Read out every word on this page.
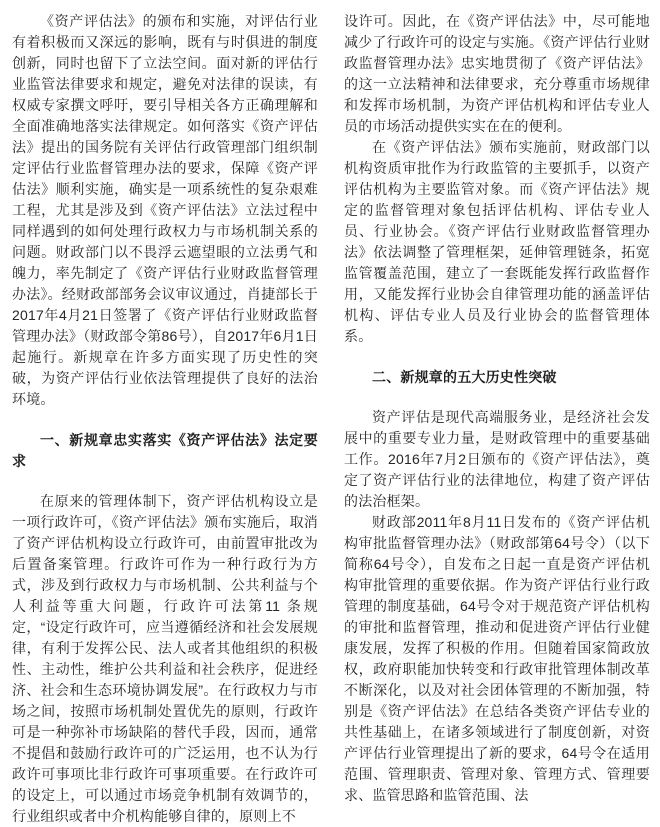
《资产评估法》的颁布和实施，对评估行业有着积极而又深远的影响，既有与时俱进的制度创新，同时也留下了立法空间。面对新的评估行业监管法律要求和规定，避免对法律的误读，有权威专家撰文呼吁，要引导相关各方正确理解和全面准确地落实法律规定。如何落实《资产评估法》提出的国务院有关评估行政管理部门组织制定评估行业监督管理办法的要求，保障《资产评估法》顺利实施，确实是一项系统性的复杂艰难工程，尤其是涉及到《资产评估法》立法过程中同样遇到的如何处理行政权力与市场机制关系的问题。财政部门以不畏浮云遮望眼的立法勇气和魄力，率先制定了《资产评估行业财政监督管理办法》。经财政部部务会议审议通过，肖捷部长于2017年4月21日签署了《资产评估行业财政监督管理办法》（财政部令第86号），自2017年6月1日起施行。新规章在许多方面实现了历史性的突破，为资产评估行业依法管理提供了良好的法治环境。

一、新规章忠实落实《资产评估法》法定要求

在原来的管理体制下，资产评估机构设立是一项行政许可，《资产评估法》颁布实施后，取消了资产评估机构设立行政许可，由前置审批改为后置备案管理。行政许可作为一种行政行为方式，涉及到行政权力与市场机制、公共利益与个人利益等重大问题，行政许可法第11 条规定，“设定行政许可，应当遵循经济和社会发展规律，有利于发挥公民、法人或者其他组织的积极性、主动性，维护公共利益和社会秩序，促进经济、社会和生态环境协调发展”。在行政权力与市场之间，按照市场机制处置优先的原则，行政许可是一种弥补市场缺陷的替代手段，因而，通常不提倡和鼓励行政许可的广泛运用，也不认为行政许可事项比非行政许可事项重要。在行政许可的设定上，可以通过市场竞争机制有效调节的，行业组织或者中介机构能够自律的，原则上不

设许可。因此，在《资产评估法》中，尽可能地减少了行政许可的设定与实施。《资产评估行业财政监督管理办法》忠实地贯彻了《资产评估法》的这一立法精神和法律要求，充分尊重市场规律和发挥市场机制，为资产评估机构和评估专业人员的市场活动提供实实在在的便利。

在《资产评估法》颁布实施前，财政部门以机构资质审批作为行政监管的主要抓手，以资产评估机构为主要监管对象。而《资产评估法》规定的监督管理对象包括评估机构、评估专业人员、行业协会。《资产评估行业财政监督管理办法》依法调整了管理框架，延伸管理链条，拓宽监管覆盖范围，建立了一套既能发挥行政监督作用，又能发挥行业协会自律管理功能的涵盖评估机构、评估专业人员及行业协会的监督管理体系。

二、新规章的五大历史性突破

资产评估是现代高端服务业，是经济社会发展中的重要专业力量，是财政管理中的重要基础工作。2016年7月2日颁布的《资产评估法》，奠定了资产评估行业的法律地位，构建了资产评估的法治框架。

财政部2011年8月11日发布的《资产评估机构审批监督管理办法》（财政部第64号令）（以下简称64号令），自发布之日起一直是资产评估机构审批管理的重要依据。作为资产评估行业行政管理的制度基础，64号令对于规范资产评估机构的审批和监督管理，推动和促进资产评估行业健康发展，发挥了积极的作用。但随着国家简政放权，政府职能加快转变和行政审批管理体制改革不断深化，以及对社会团体管理的不断加强，特别是《资产评估法》在总结各类资产评估专业的共性基础上，在诸多领域进行了制度创新，对资产评估行业管理提出了新的要求，64号令在适用范围、管理职责、管理对象、管理方式、管理要求、监管思路和监管范围、法
